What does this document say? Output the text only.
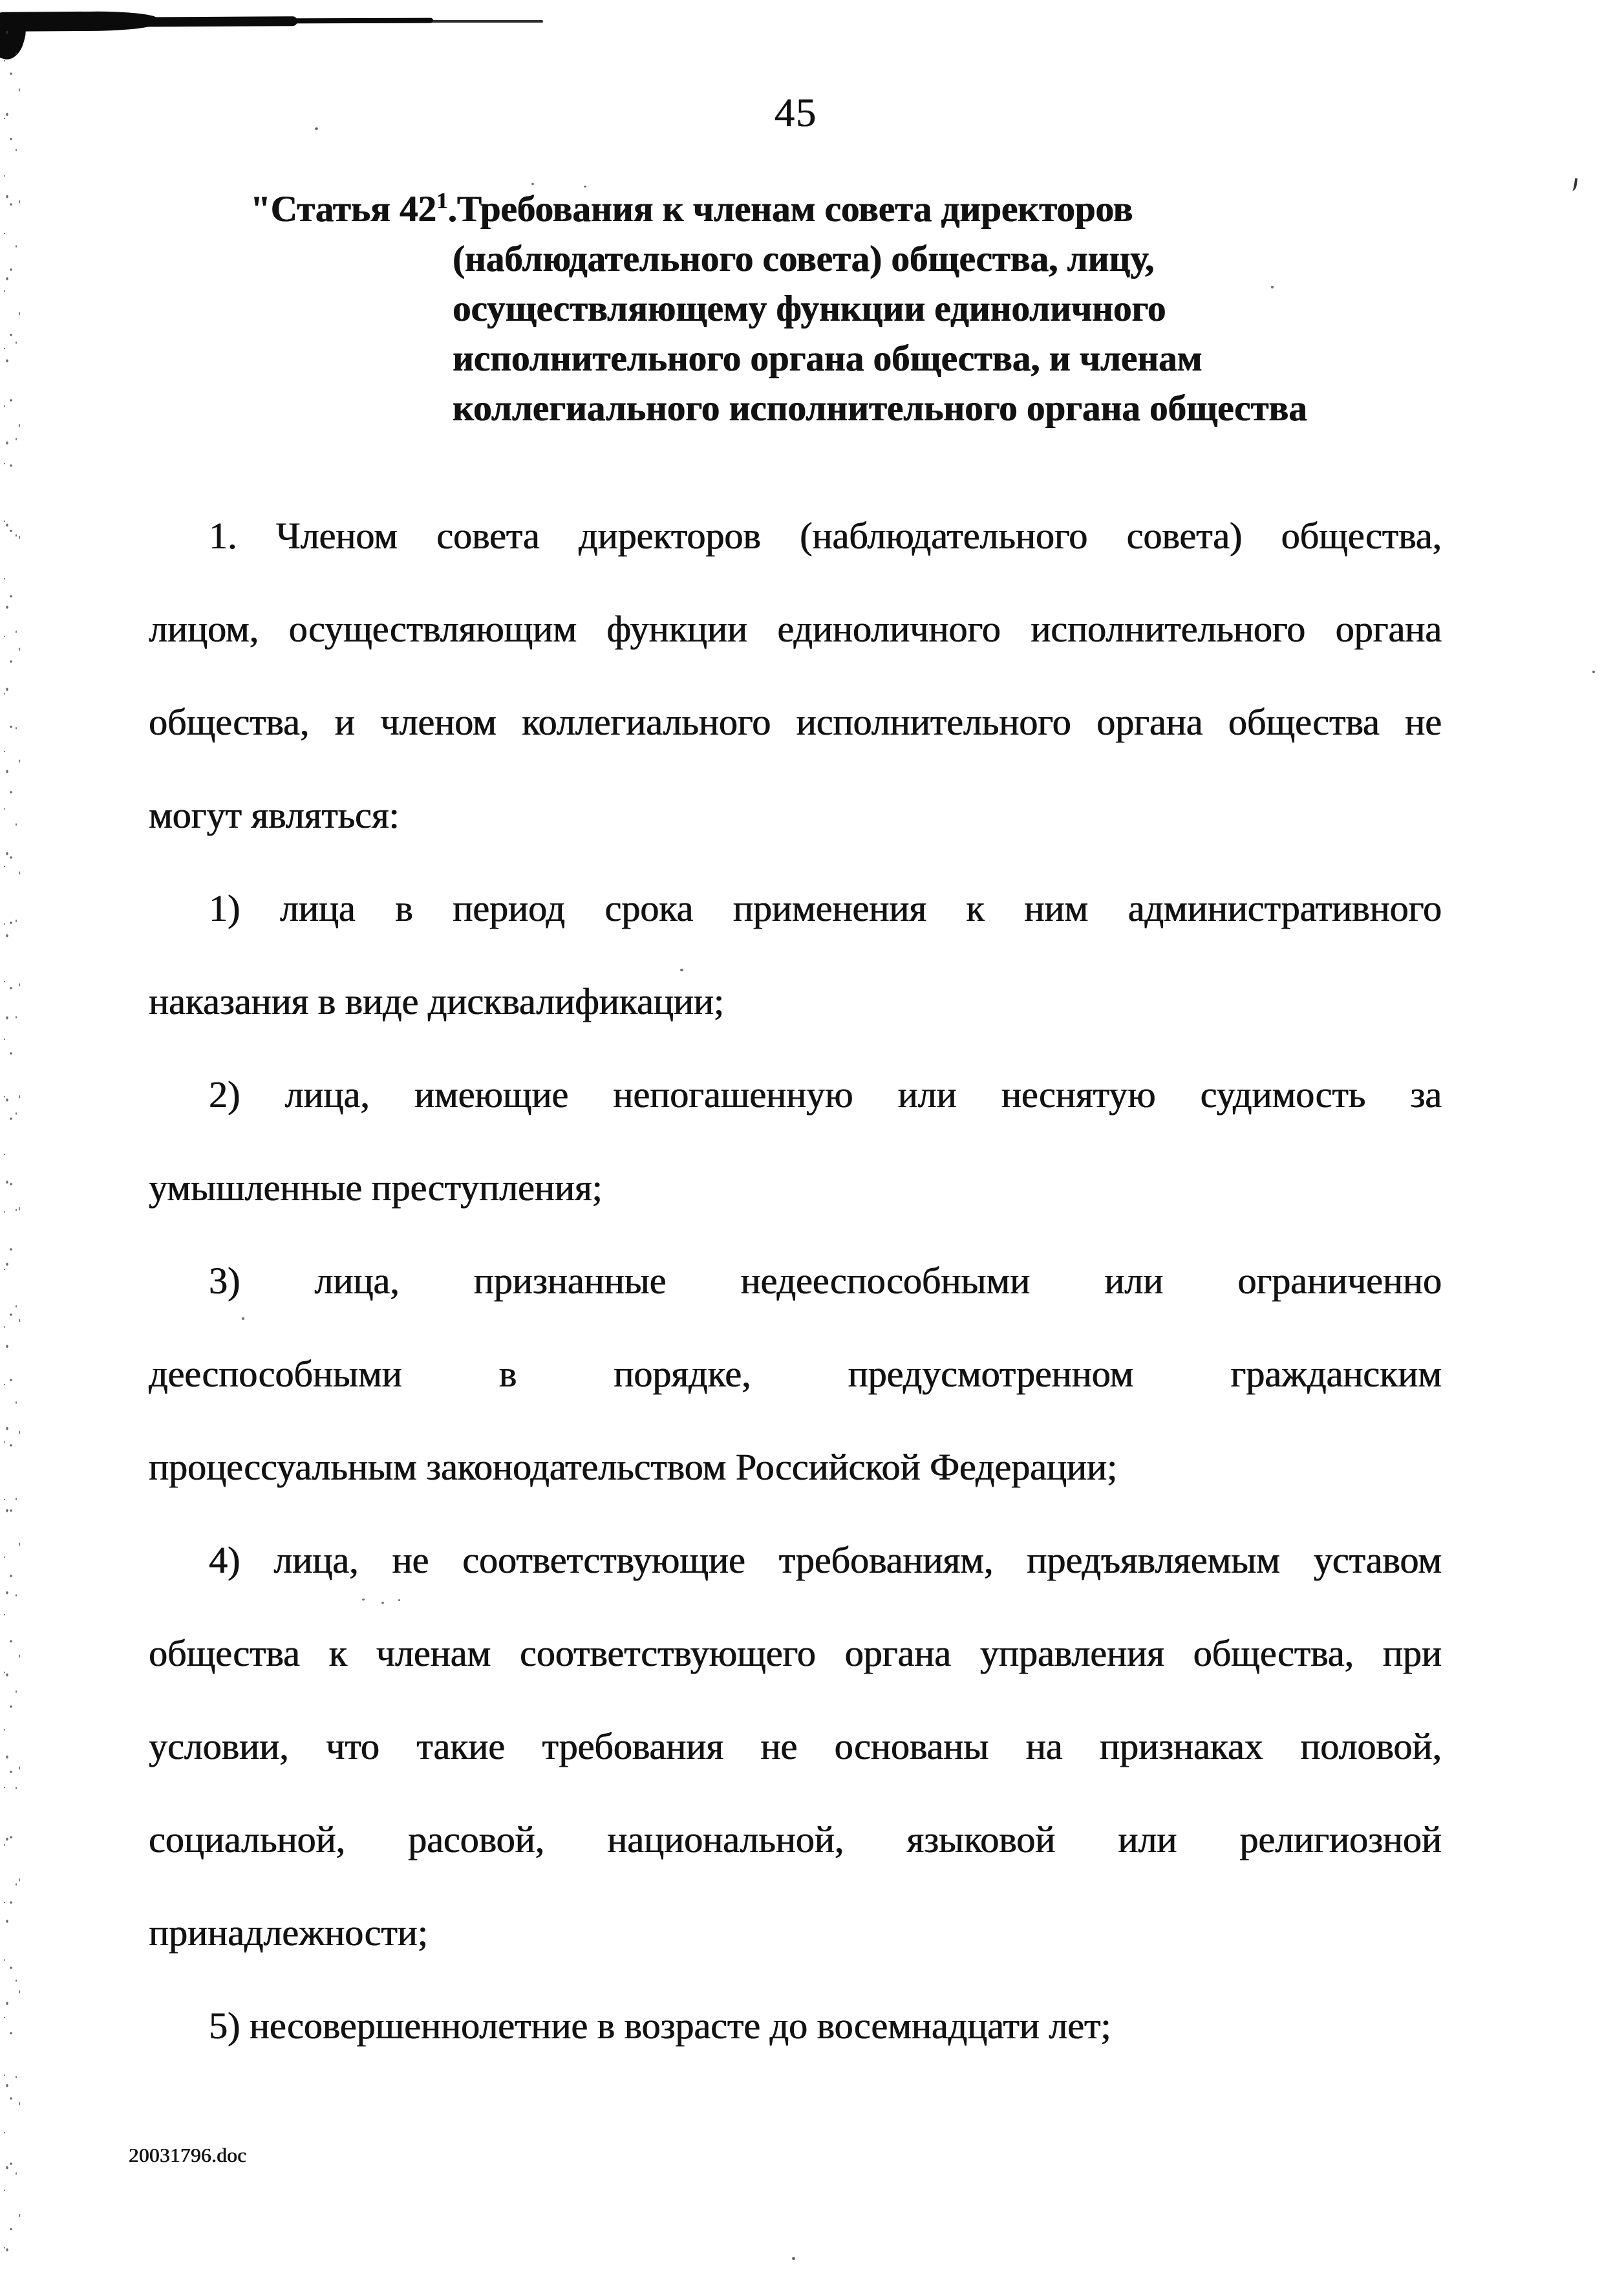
45
"Статья $42^1.Требования$ к членам совета директоров
(наблюдательного совета) общества, лицу,
осуществляющему функции единоличного
исполнительного органа общества, и членам
коллегиального исполнительного органа общества
1. Членом совета директоров (наблюдательного совета) общества,
лицом, осуществляющим функции единоличного исполнительного органа
общества, и членом коллегиального исполнительного органа общества не
могут являться:
1) лица в период срока применения к ним административного
наказания в виде дисквалификации;
2) лица, имеющие непогашенную или неснятую судимость за
умышленные преступления;
3) лица, признанные недееспособными или ограниченно
дееспособными в порядке, предусмотренном гражданским
процессуальным законодательством Российской Федерации;
4) лица, не соответствующие требованиям, предъявляемым уставом
общества к членам соответствующего органа управления общества, при
условии, что такие требования не основаны на признаках половой,
социальной, расовой, национальной, языковой или религиозной
принадлежности;
5) несовершеннолетние в возрасте до восемнадцати лет;
20031796.doc
